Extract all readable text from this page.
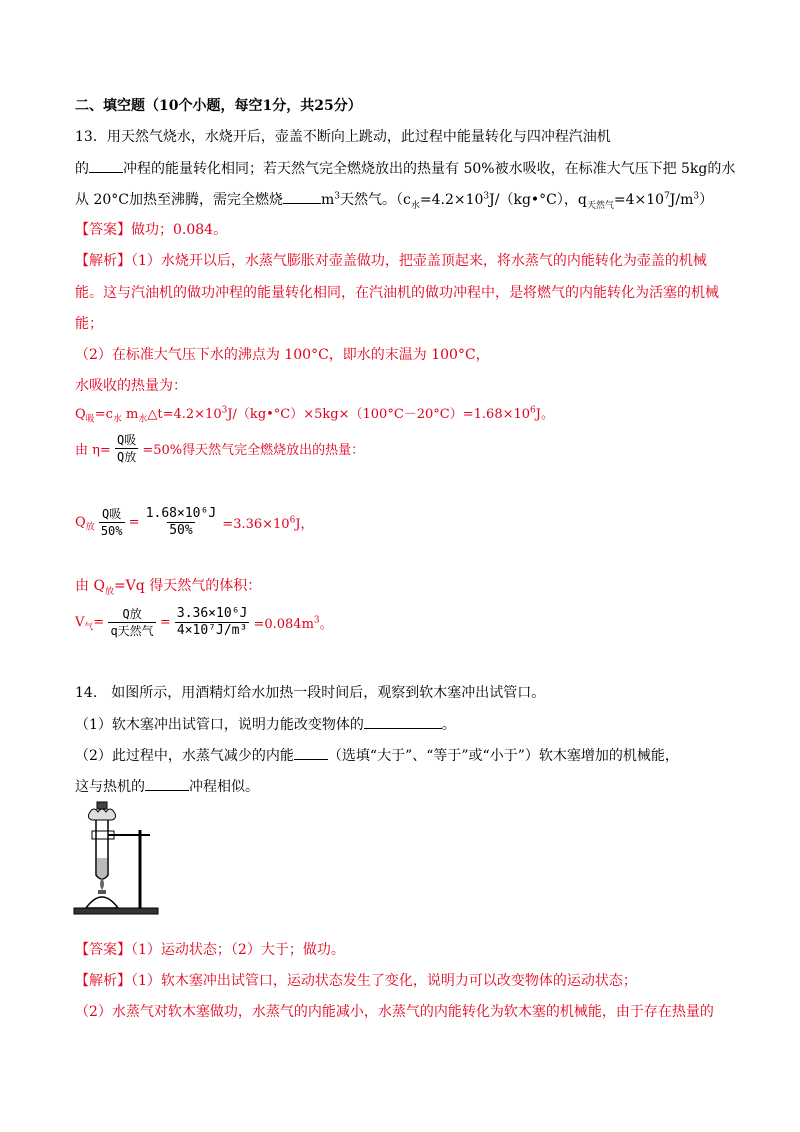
二、填空题（10个小题，每空1分，共25分）
13．用天然气烧水，水烧开后，壶盖不断向上跳动，此过程中能量转化与四冲程汽油机
的 冲程的能量转化相同；若天然气完全燃烧放出的热量有 50%被水吸收，在标准大气压下把 5kg的水
从 20°C加热至沸腾，需完全燃烧	$m^3$天然气。（$c_水=4.2\times 10^3J/(kg•^\circ C)$，$q_{天然气}=4\times 10^7J/m^3$）
【答案】做功；0.084。
【解析】（1）水烧开以后，水蒸气膨胀对壶盖做功，把壶盖顶起来，将水蒸气的内能转化为壶盖的机械
能。这与汽油机的做功冲程的能量转化相同，在汽油机的做功冲程中，是将燃气的内能转化为活塞的机械
能；
（2）在标准大气压下水的沸点为 100°C，即水的末温为 100°C，
水吸收的热量为：
$Q_吸=c_水$ $m_水\triangle t=4.2\times 10^3J/(kg•^\circ C)\times 5kg\times(100^\circ C-20^\circ C)=1.68\times 10^6J$。
由 $\eta= \frac{\text{Q吸}}{\text{Q放}} =50\%$得天然气完全燃烧放出的热量：
$Q_放 \frac{\text{Q吸}}{50\%} = \frac{\text{1.68×10⁶J}}{50\%} =3.36\times 10^6J$，
由 $Q_放=Vq$ 得天然气的体积：
$V_气= \frac{\text{Q放}}{\text{q天然气}} = \frac{\text{3.36×10⁶J}}{\text{4×10⁷J/m³}} =0.084m^3$。
14． 如图所示，用酒精灯给水加热一段时间后，观察到软木塞冲出试管口。
（1）软木塞冲出试管口，说明力能改变物体的	。
（2）此过程中，水蒸气减少的内能 （选填“大于”、“等于”或“小于”）软木塞增加的机械能，
这与热机的	冲程相似。
【答案】（1）运动状态；（2）大于；做功。
【解析】（1）软木塞冲出试管口，运动状态发生了变化，说明力可以改变物体的运动状态；
（2）水蒸气对软木塞做功，水蒸气的内能减小，水蒸气的内能转化为软木塞的机械能，由于存在热量的
